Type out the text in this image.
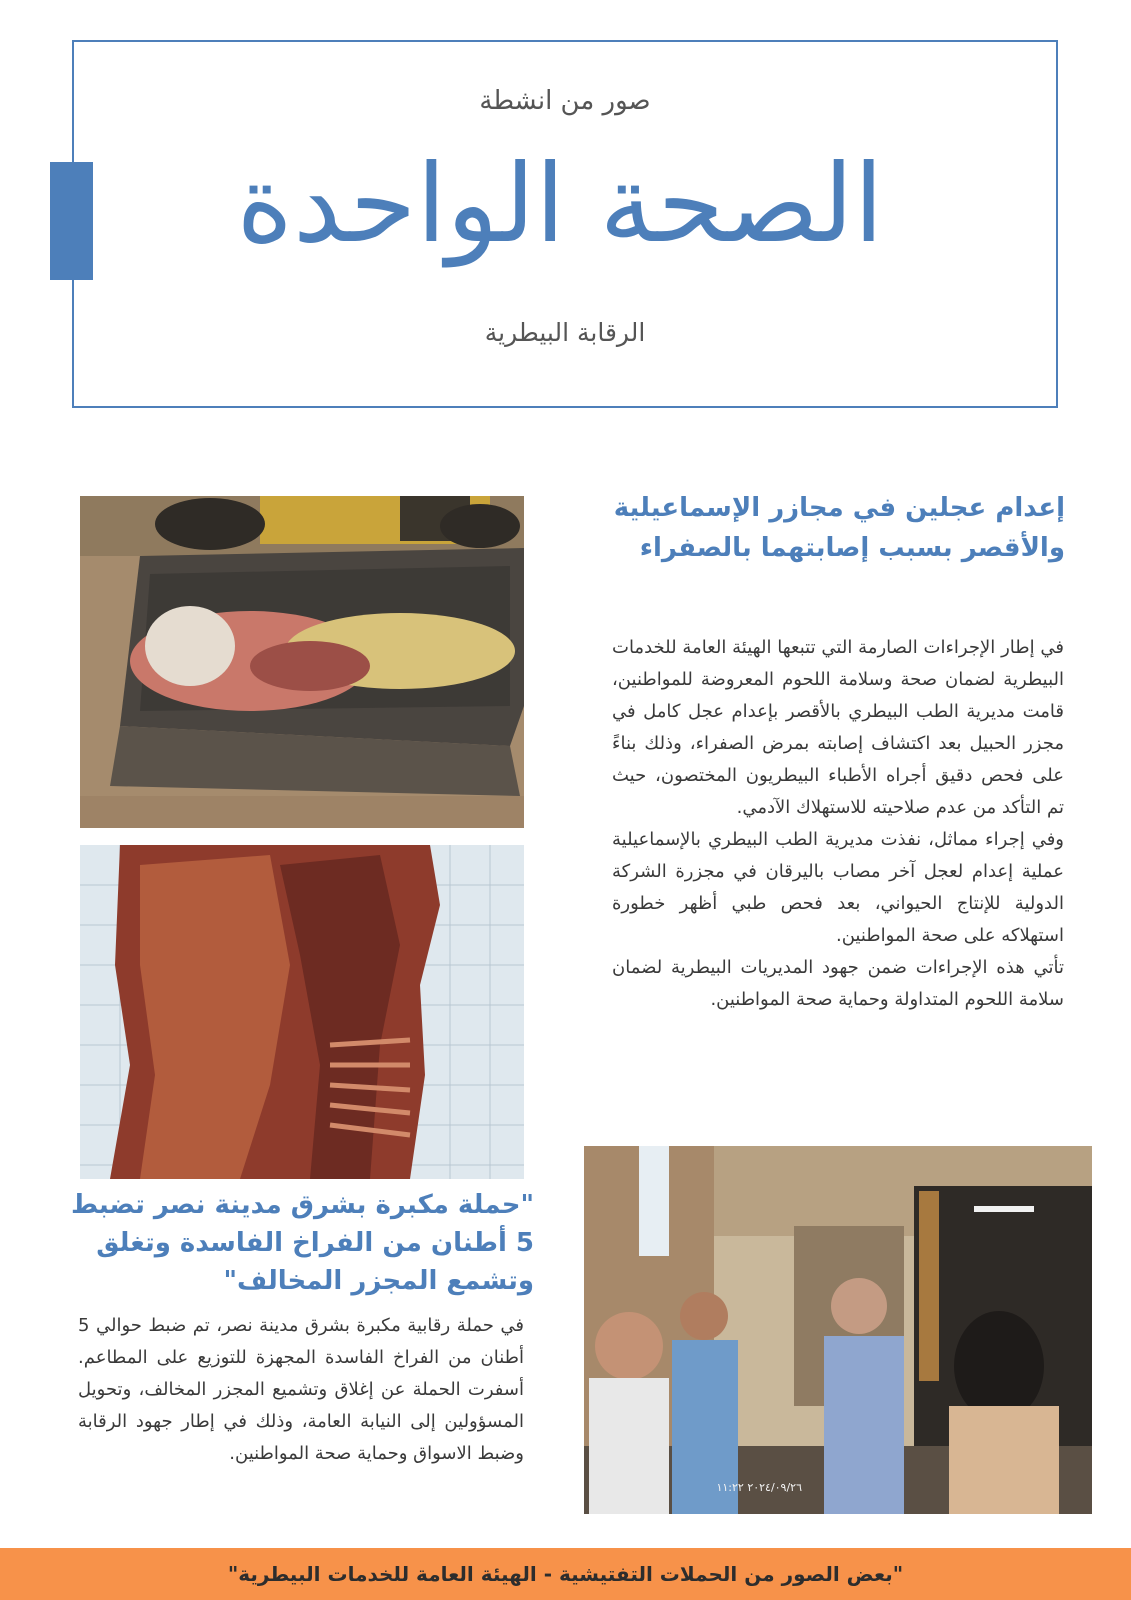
صور من انشطة
الصحة الواحدة
الرقابة البيطرية
إعدام عجلين في مجازر الإسماعيلية والأقصر بسبب إصابتهما بالصفراء

في إطار الإجراءات الصارمة التي تتبعها الهيئة العامة للخدمات البيطرية لضمان صحة وسلامة اللحوم المعروضة للمواطنين، قامت مديرية الطب البيطري بالأقصر بإعدام عجل كامل في مجزر الحبيل بعد اكتشاف إصابته بمرض الصفراء، وذلك بناءً على فحص دقيق أجراه الأطباء البيطريون المختصون، حيث تم التأكد من عدم صلاحيته للاستهلاك الآدمي.

وفي إجراء مماثل، نفذت مديرية الطب البيطري بالإسماعيلية عملية إعدام لعجل آخر مصاب باليرقان في مجزرة الشركة الدولية للإنتاج الحيواني، بعد فحص طبي أظهر خطورة استهلاكه على صحة المواطنين.

تأتي هذه الإجراءات ضمن جهود المديريات البيطرية لضمان سلامة اللحوم المتداولة وحماية صحة المواطنين.

"حملة مكبرة بشرق مدينة نصر تضبط 5 أطنان من الفراخ الفاسدة وتغلق وتشمع المجزر المخالف"
في حملة رقابية مكبرة بشرق مدينة نصر، تم ضبط حوالي 5 أطنان من الفراخ الفاسدة المجهزة للتوزيع على المطاعم. أسفرت الحملة عن إغلاق وتشميع المجزر المخالف، وتحويل المسؤولين إلى النيابة العامة، وذلك في إطار جهود الرقابة وضبط الاسواق وحماية صحة المواطنين.
٢٠٢٤/٠٩/٢٦ ١١:٢٢
"بعض الصور من الحملات التفتيشية - الهيئة العامة للخدمات البيطرية"
